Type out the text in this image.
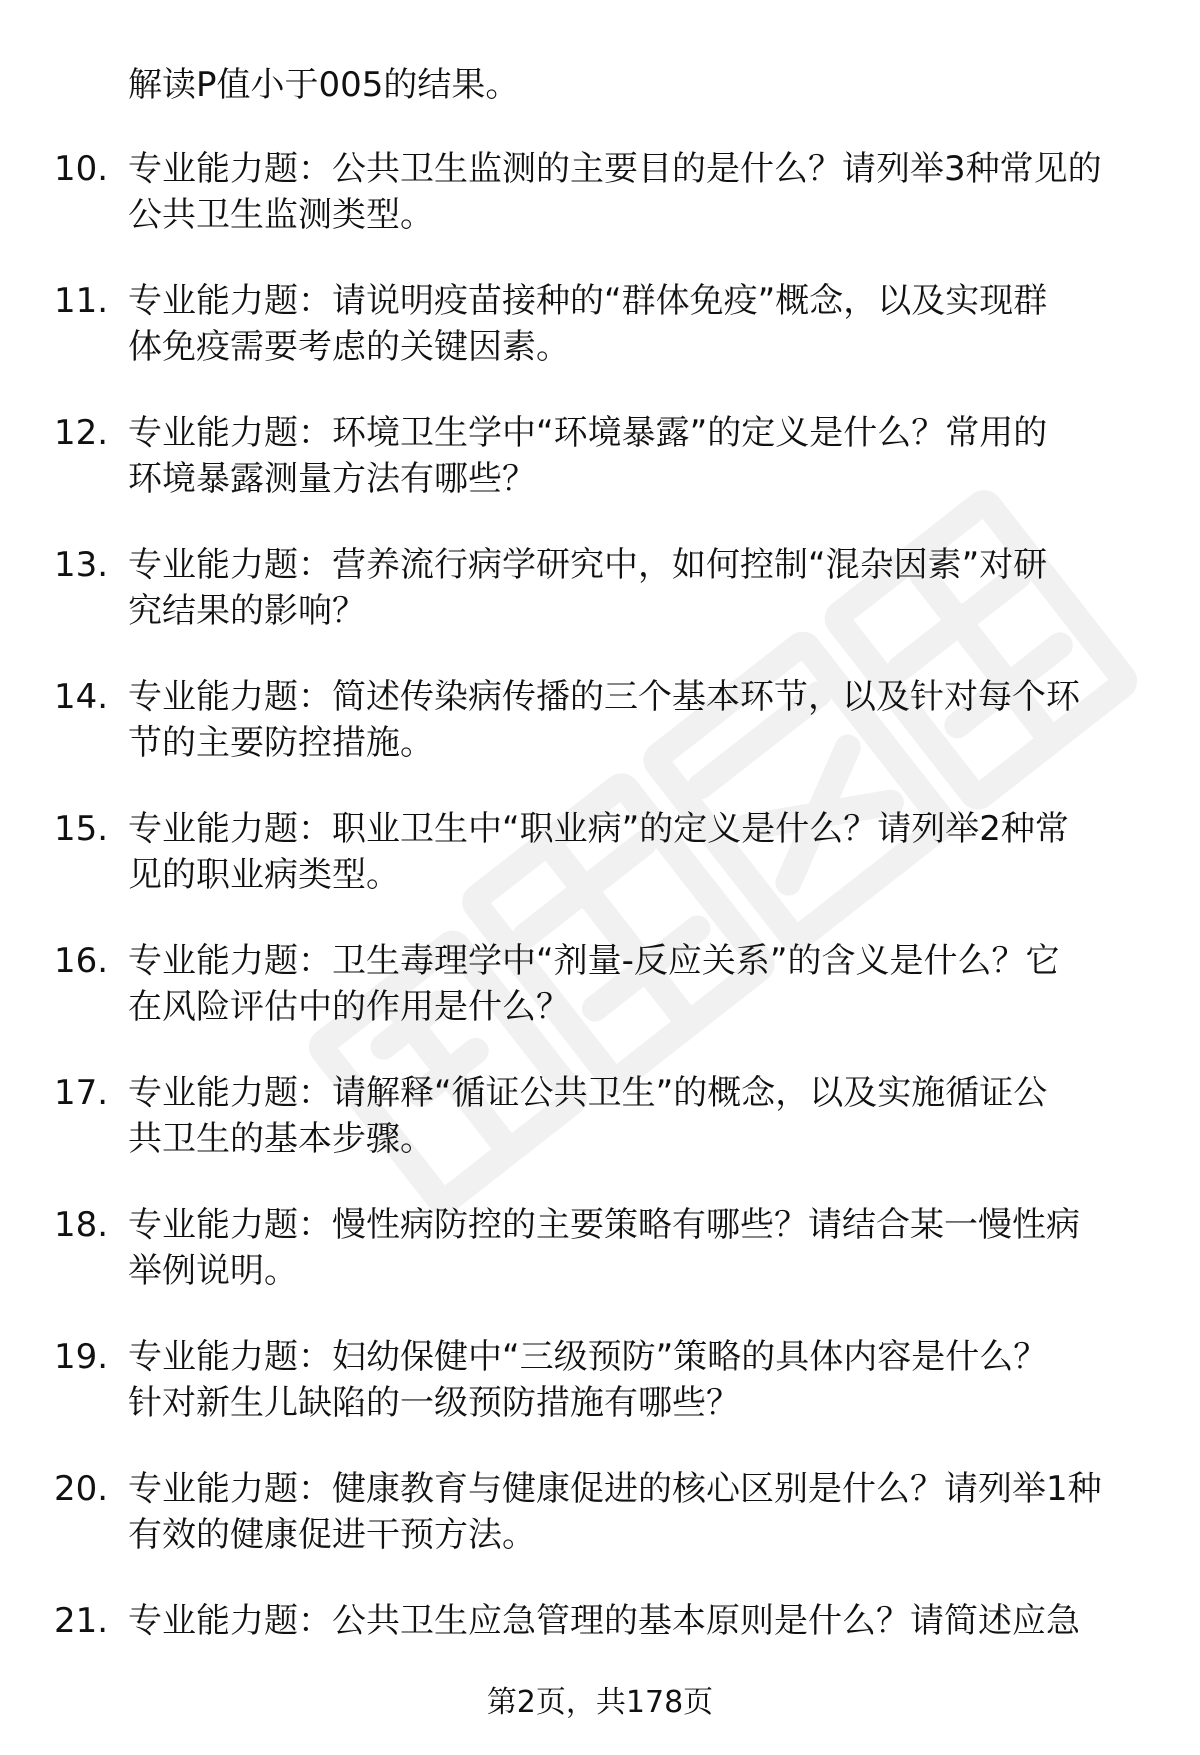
解读P值小于005的结果。
10. 专业能力题：公共卫生监测的主要目的是什么？请列举3种常见的
公共卫生监测类型。
11. 专业能力题：请说明疫苗接种的“群体免疫”概念，以及实现群
体免疫需要考虑的关键因素。
12. 专业能力题：环境卫生学中“环境暴露”的定义是什么？常用的
环境暴露测量方法有哪些？
13. 专业能力题：营养流行病学研究中，如何控制“混杂因素”对研
究结果的影响？
14. 专业能力题：简述传染病传播的三个基本环节，以及针对每个环
节的主要防控措施。
15. 专业能力题：职业卫生中“职业病”的定义是什么？请列举2种常
见的职业病类型。
16. 专业能力题：卫生毒理学中“剂量-反应关系”的含义是什么？它
在风险评估中的作用是什么？
17. 专业能力题：请解释“循证公共卫生”的概念，以及实施循证公
共卫生的基本步骤。
18. 专业能力题：慢性病防控的主要策略有哪些？请结合某一慢性病
举例说明。
19. 专业能力题：妇幼保健中“三级预防”策略的具体内容是什么？
针对新生儿缺陷的一级预防措施有哪些？
20. 专业能力题：健康教育与健康促进的核心区别是什么？请列举1种
有效的健康促进干预方法。
21. 专业能力题：公共卫生应急管理的基本原则是什么？请简述应急
第2页，共178页
